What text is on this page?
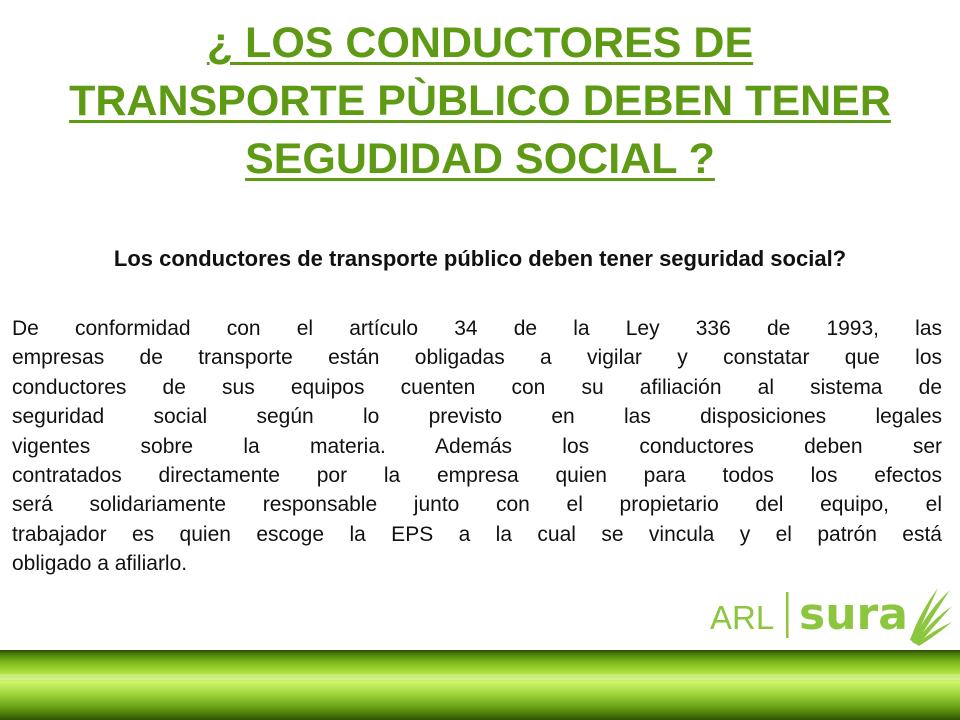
¿ LOS CONDUCTORES DE
TRANSPORTE PÙBLICO DEBEN TENER
SEGUDIDAD SOCIAL ?

Los conductores de transporte público deben tener seguridad social?

De conformidad con el artículo 34 de la Ley 336 de 1993, las
empresas de transporte están obligadas a vigilar y constatar que los
conductores de sus equipos cuenten con su afiliación al sistema de
seguridad social según lo previsto en las disposiciones legales
vigentes sobre la materia. Además los conductores deben ser
contratados directamente por la empresa quien para todos los efectos
será solidariamente responsable junto con el propietario del equipo, el
trabajador es quien escoge la EPS a la cual se vincula y el patrón está
obligado a afiliarlo.
ARL sura
